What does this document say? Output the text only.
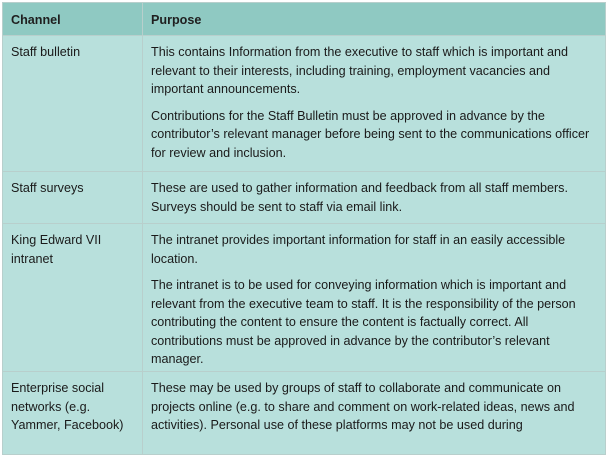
Channel	Purpose
Staff bulletin	This contains Information from the executive to staff which is important and relevant to their interests, including training, employment vacancies and important announcements.

Contributions for the Staff Bulletin must be approved in advance by the contributor’s relevant manager before being sent to the communications officer for review and inclusion.

Staff surveys	These are used to gather information and feedback from all staff members. Surveys should be sent to staff via email link.

King Edward VII intranet	The intranet provides important information for staff in an easily accessible location.

The intranet is to be used for conveying information which is important and relevant from the executive team to staff. It is the responsibility of the person contributing the content to ensure the content is factually correct. All contributions must be approved in advance by the contributor’s relevant manager.

Enterprise social networks (e.g. Yammer, Facebook)	These may be used by groups of staff to collaborate and communicate on projects online (e.g. to share and comment on work-related ideas, news and activities). Personal use of these platforms may not be used during
